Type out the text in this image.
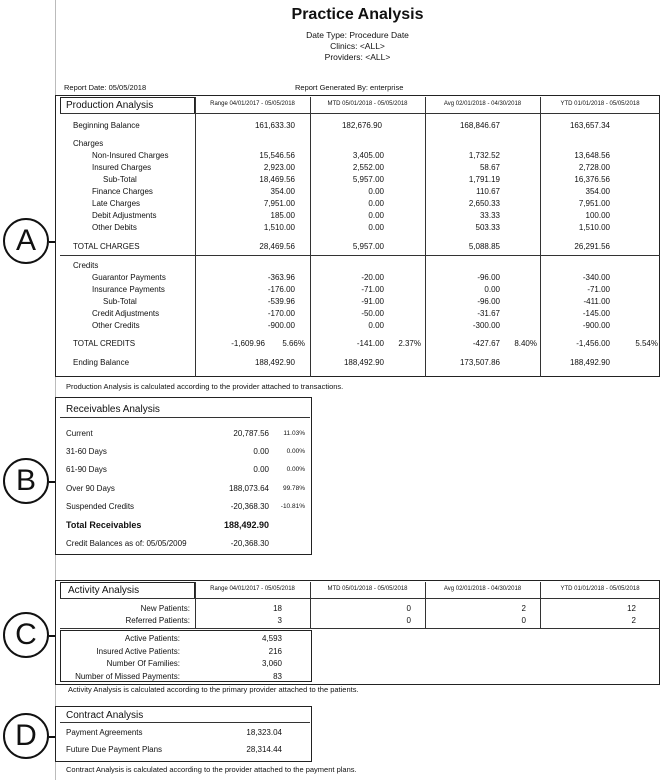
Practice Analysis
Date Type: Procedure Date
Clinics: <ALL>
Providers: <ALL>
Report Date: 05/05/2018	Report Generated By: enterprise
A
B
C
D
Production Analysis	Range 04/01/2017 - 05/05/2018	MTD 05/01/2018 - 05/05/2018	Avg 02/01/2018 - 04/30/2018	YTD 01/01/2018 - 05/05/2018
Beginning Balance	161,633.30	182,676.90	168,846.67	163,657.34
Charges
Non-Insured Charges	15,546.56	3,405.00	1,732.52	13,648.56
Insured Charges	2,923.00	2,552.00	58.67	2,728.00
Sub-Total	18,469.56	5,957.00	1,791.19	16,376.56
Finance Charges	354.00	0.00	110.67	354.00
Late Charges	7,951.00	0.00	2,650.33	7,951.00
Debit Adjustments	185.00	0.00	33.33	100.00
Other Debits	1,510.00	0.00	503.33	1,510.00
TOTAL CHARGES	28,469.56	5,957.00	5,088.85	26,291.56
Credits
Guarantor Payments	-363.96	-20.00	-96.00	-340.00
Insurance Payments	-176.00	-71.00	0.00	-71.00
Sub-Total	-539.96	-91.00	-96.00	-411.00
Credit Adjustments	-170.00	-50.00	-31.67	-145.00
Other Credits	-900.00	0.00	-300.00	-900.00
TOTAL CREDITS	-1,609.96	5.66%	-141.00	2.37%	-427.67	8.40%	-1,456.00	5.54%
Ending Balance	188,492.90	188,492.90	173,507.86	188,492.90
Production Analysis is calculated according to the provider attached to transactions.
Receivables Analysis
Current	20,787.56	11.03%
31-60 Days	0.00	0.00%
61-90 Days	0.00	0.00%
Over 90 Days	188,073.64	99.78%
Suspended Credits	-20,368.30	-10.81%
Total Receivables	188,492.90
Credit Balances as of: 05/05/2009	-20,368.30
Activity Analysis	Range 04/01/2017 - 05/05/2018	MTD 05/01/2018 - 05/05/2018	Avg 02/01/2018 - 04/30/2018	YTD 01/01/2018 - 05/05/2018
New Patients:	18	0	2	12
Referred Patients:	3	0	0	2
Active Patients:	4,593
Insured Active Patients:	216
Number Of Families:	3,060
Number of Missed Payments:	83
Activity Analysis is calculated according to the primary provider attached to the patients.
Contract Analysis
Payment Agreements	18,323.04
Future Due Payment Plans	28,314.44
Contract Analysis is calculated according to the provider attached to the payment plans.
